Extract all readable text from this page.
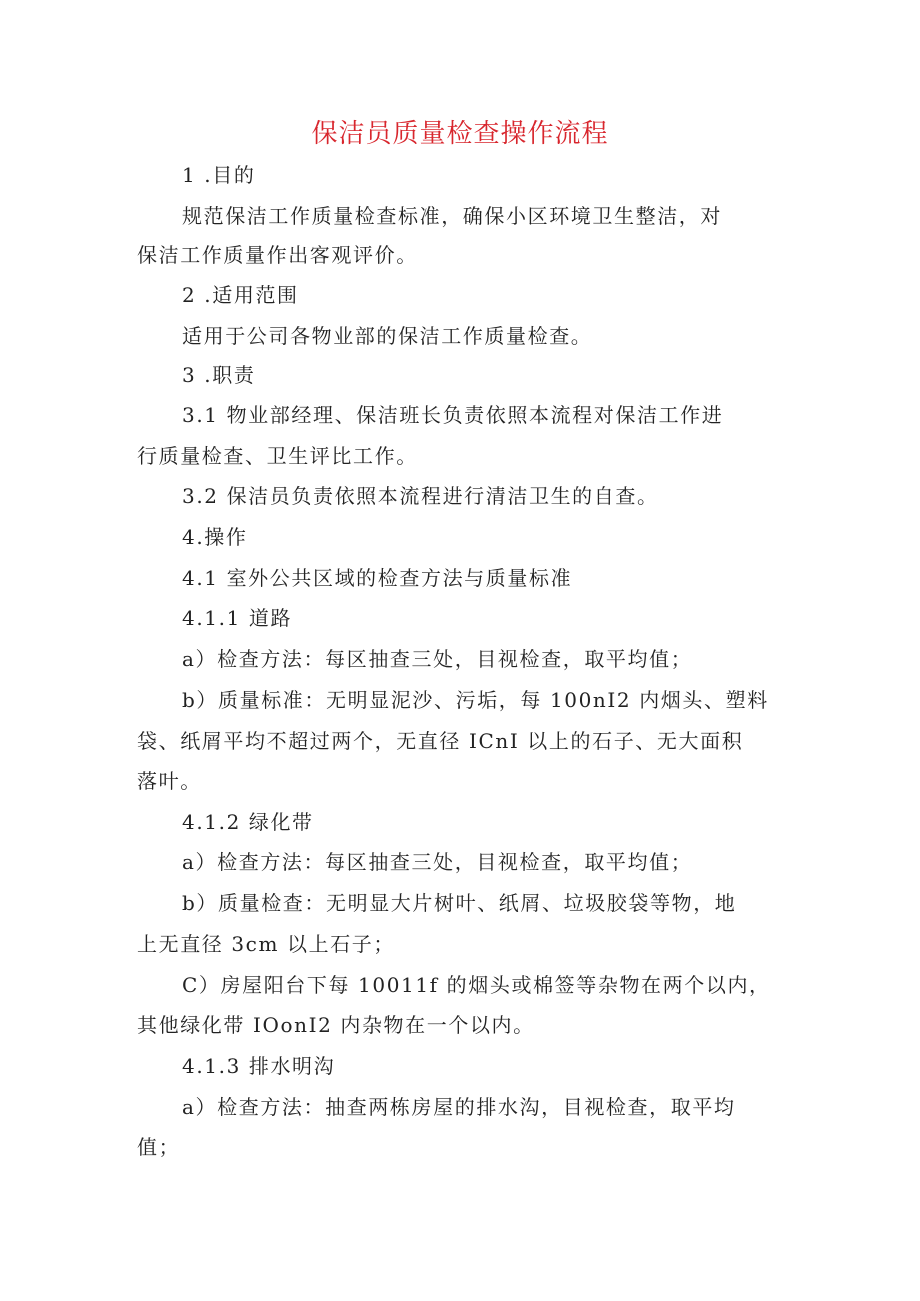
保洁员质量检查操作流程
1 .目的
规范保洁工作质量检查标准，确保小区环境卫生整洁，对
保洁工作质量作出客观评价。
2 .适用范围
适用于公司各物业部的保洁工作质量检查。
3 .职责
3.1 物业部经理、保洁班长负责依照本流程对保洁工作进
行质量检查、卫生评比工作。
3.2 保洁员负责依照本流程进行清洁卫生的自查。
4.操作
4.1 室外公共区域的检查方法与质量标准
4.1.1 道路
a）检查方法：每区抽查三处，目视检查，取平均值；
b）质量标准：无明显泥沙、污垢，每 100nI2 内烟头、塑料
袋、纸屑平均不超过两个，无直径 ICnI 以上的石子、无大面积
落叶。
4.1.2 绿化带
a）检查方法：每区抽查三处，目视检查，取平均值；
b）质量检查：无明显大片树叶、纸屑、垃圾胶袋等物，地
上无直径 3cm 以上石子；
C）房屋阳台下每 10011f 的烟头或棉签等杂物在两个以内，
其他绿化带 IOonI2 内杂物在一个以内。
4.1.3 排水明沟
a）检查方法：抽查两栋房屋的排水沟，目视检查，取平均
值；
